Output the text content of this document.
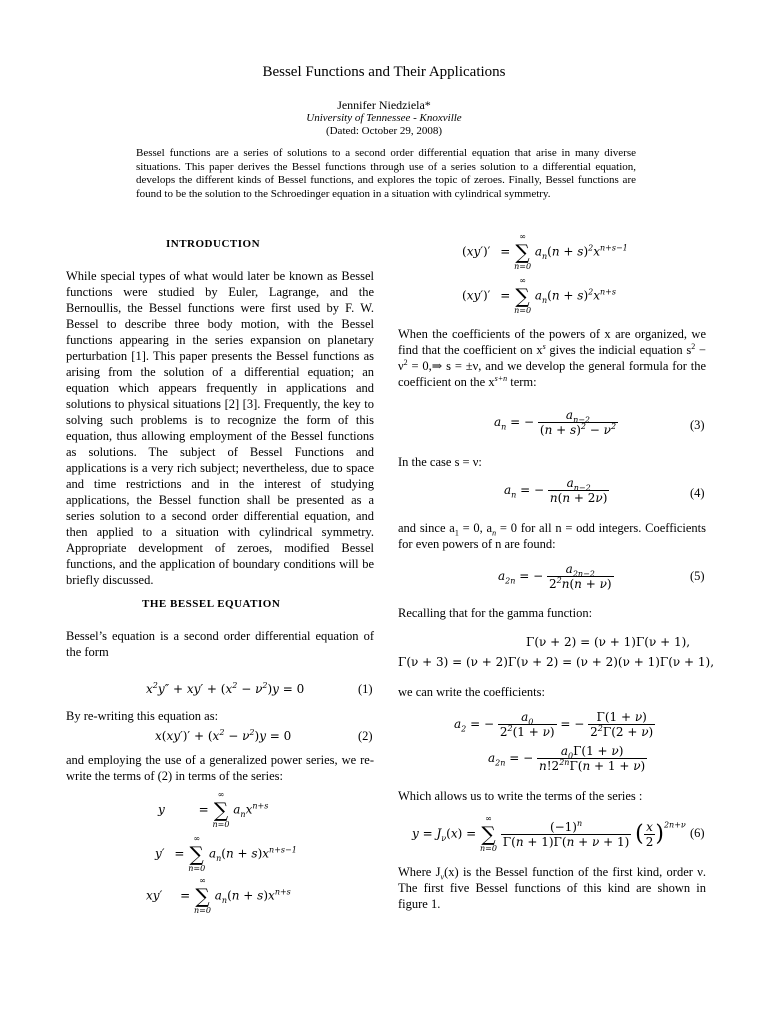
Bessel Functions and Their Applications
Jennifer Niedziela*
University of Tennessee - Knoxville
(Dated: October 29, 2008)
Bessel functions are a series of solutions to a second order differential equation that arise in many diverse situations. This paper derives the Bessel functions through use of a series solution to a differential equation, develops the different kinds of Bessel functions, and explores the topic of zeroes. Finally, Bessel functions are found to be the solution to the Schroedinger equation in a situation with cylindrical symmetry.
INTRODUCTION
While special types of what would later be known as Bessel functions were studied by Euler, Lagrange, and the Bernoullis, the Bessel functions were first used by F. W. Bessel to describe three body motion, with the Bessel functions appearing in the series expansion on planetary perturbation [1]. This paper presents the Bessel functions as arising from the solution of a differential equation; an equation which appears frequently in applications and solutions to physical situations [2] [3]. Frequently, the key to solving such problems is to recognize the form of this equation, thus allowing employment of the Bessel functions as solutions. The subject of Bessel Functions and applications is a very rich subject; nevertheless, due to space and time restrictions and in the interest of studying applications, the Bessel function shall be presented as a series solution to a second order differential equation, and then applied to a situation with cylindrical symmetry. Appropriate development of zeroes, modified Bessel functions, and the application of boundary conditions will be briefly discussed.
THE BESSEL EQUATION
Bessel’s equation is a second order differential equation of the form
$x^2y'' + xy' + (x^2 - \nu^2)y = 0$	(1)
By re-writing this equation as:
$x(xy')' + (x^2 - \nu^2)y = 0$	(2)
and employing the use of a generalized power series, we re-write the terms of (2) in terms of the series:
y	=
∞
∑
n=0
$a_nx^{n+s}$
y′ =
∞
∑
n=0
$a_n(n + s)x^{n+s-1}$
xy′ =
∞
∑
n=0
$a_n(n + s)x^{n+s}$
(xy′)′ =
∞
∑
n=0
$a_n(n + s)^2x^{n+s-1}$
(xy′)′ =
∞
∑
n=0
$a_n(n + s)^2x^{n+s}$
When the coefficients of the powers of x are organized, we find that the coefficient on $x^s$ gives the indicial equation $s^2 - \nu^2$ = 0,⇒ s = ±ν, and we develop the general formula for the coefficient on the $x^{s+n}$ term:
$a_n$ = − $\frac{a_{n-2}}{(n + s)^2 - \nu^2}$	(3)
In the case s = ν:
$a_n$ = − $\frac{a_{n-2}}{n(n + 2\nu)}$	(4)
and since $a_1 = 0$, $a_n = 0$ for all n = odd integers. Coefficients for even powers of n are found:
$a_{2n}$ = − $\frac{a_{2n-2}}{2^2n(n + \nu)}$	(5)
Recalling that for the gamma function:
Γ(ν + 2) = (ν + 1)Γ(ν + 1),
Γ(ν + 3) = (ν + 2)Γ(ν + 2) = (ν + 2)(ν + 1)Γ(ν + 1),
we can write the coefficients:
$a_2$ = − $\frac{a_0}{2^2(1 + \nu)}$ = − $\frac{\Gamma(1 + \nu)}{2^2\Gamma(2 + \nu)}$
$a_{2n}$ = − $\frac{a_0\Gamma(1 + \nu)}{n!2^{2n}\Gamma(n + 1 + \nu)}$
Which allows us to write the terms of the series :
$y = J_\nu(x)$ =
∞
∑
n=0
$\frac{(-1)^n}{\Gamma(n + 1)\Gamma(n + \nu + 1)}$ ( $\frac{x}{2} )^{2n+\nu}$
(6)
Where $J_\nu(x)$ is the Bessel function of the first kind, order ν. The first five Bessel functions of this kind are shown in figure 1.
